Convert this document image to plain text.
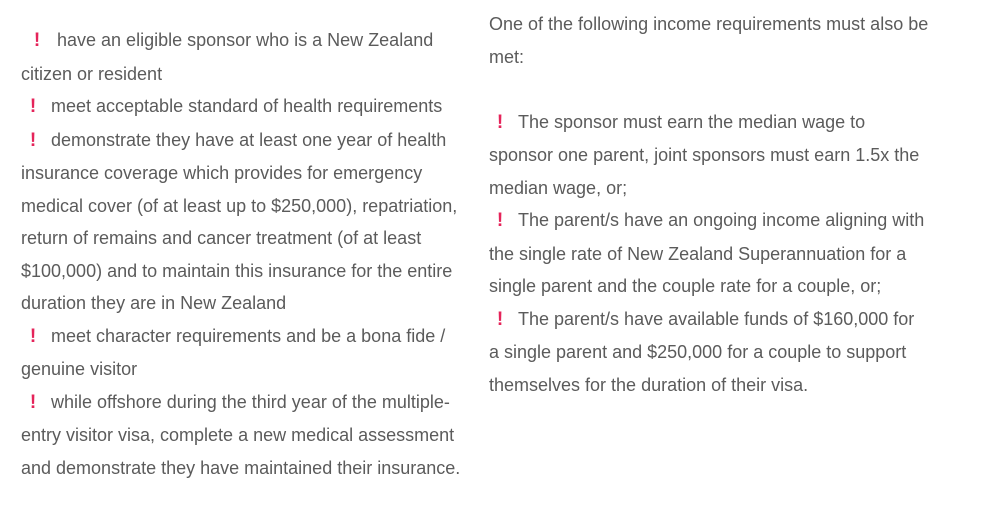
! have an eligible sponsor who is a New Zealand citizen or resident

! meet acceptable standard of health requirements

! demonstrate they have at least one year of health insurance coverage which provides for emergency medical cover (of at least up to $250,000), repatriation, return of remains and cancer treatment (of at least $100,000) and to maintain this insurance for the entire duration they are in New Zealand

! meet character requirements and be a bona fide / genuine visitor

! while offshore during the third year of the multiple-entry visitor visa, complete a new medical assessment and demonstrate they have maintained their insurance.

One of the following income requirements must also be met:

! The sponsor must earn the median wage to sponsor one parent, joint sponsors must earn 1.5x the median wage, or;

! The parent/s have an ongoing income aligning with the single rate of New Zealand Superannuation for a single parent and the couple rate for a couple, or;

! The parent/s have available funds of $160,000 for a single parent and $250,000 for a couple to support themselves for the duration of their visa.
